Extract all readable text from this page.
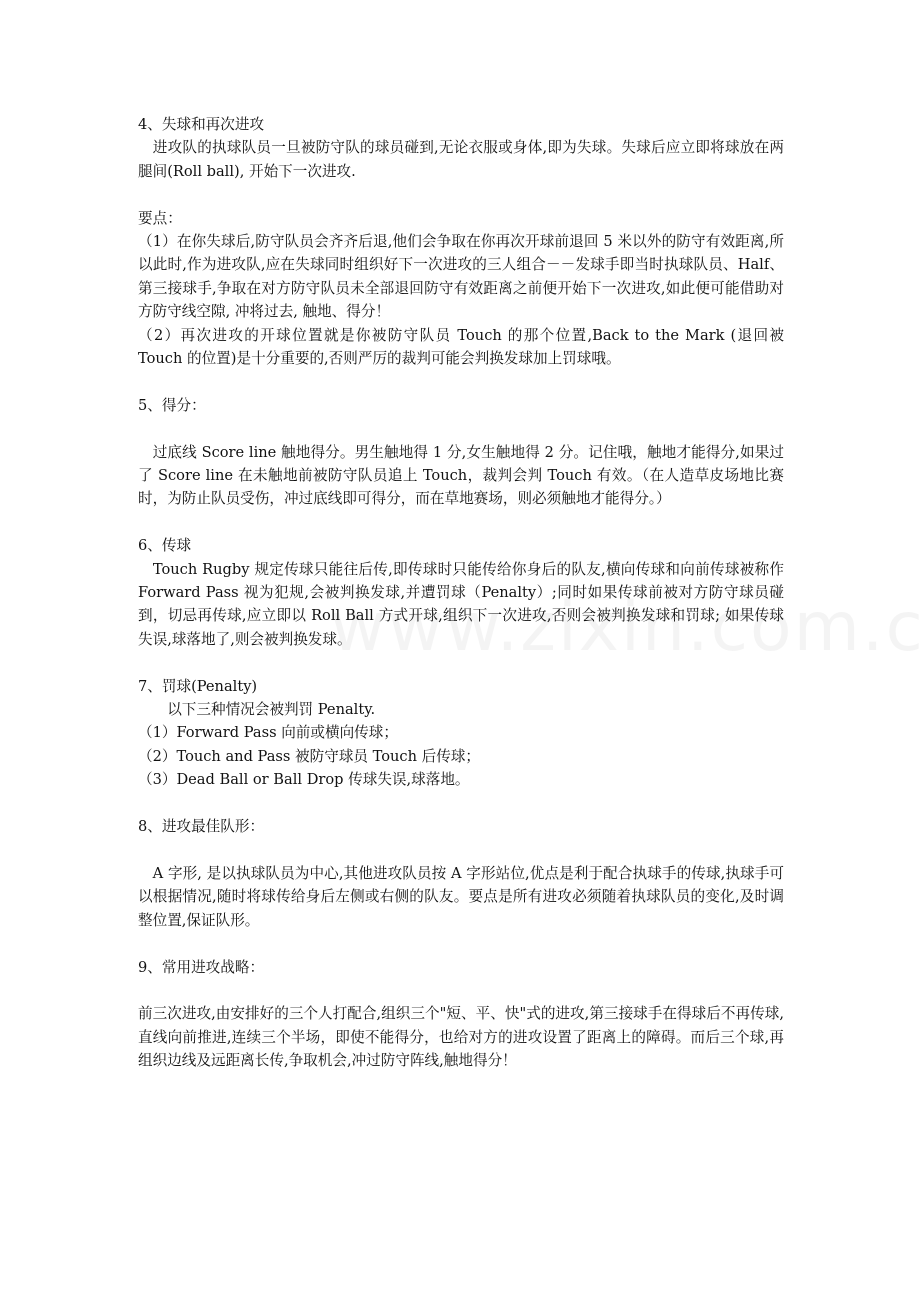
4、失球和再次进攻
　进攻队的执球队员一旦被防守队的球员碰到,无论衣服或身体,即为失球。失球后应立即将球放在两腿间(Roll ball), 开始下一次进攻.
要点：
（1）在你失球后,防守队员会齐齐后退,他们会争取在你再次开球前退回 5 米以外的防守有效距离,所以此时,作为进攻队,应在失球同时组织好下一次进攻的三人组合－－发球手即当时执球队员、Half、第三接球手,争取在对方防守队员未全部退回防守有效距离之前便开始下一次进攻,如此便可能借助对方防守线空隙, 冲将过去, 触地、得分！
（2）再次进攻的开球位置就是你被防守队员 Touch 的那个位置,Back to the Mark (退回被 Touch 的位置)是十分重要的,否则严厉的裁判可能会判换发球加上罚球哦。
5、得分：
　过底线 Score line 触地得分。男生触地得 1 分,女生触地得 2 分。记住哦，触地才能得分,如果过了 Score line 在未触地前被防守队员追上 Touch，裁判会判 Touch 有效。（在人造草皮场地比赛时，为防止队员受伤，冲过底线即可得分，而在草地赛场，则必须触地才能得分。）
6、传球
　Touch Rugby 规定传球只能往后传,即传球时只能传给你身后的队友,横向传球和向前传球被称作 Forward Pass 视为犯规,会被判换发球,并遭罚球（Penalty）;同时如果传球前被对方防守球员碰到，切忌再传球,应立即以 Roll Ball 方式开球,组织下一次进攻,否则会被判换发球和罚球; 如果传球失误,球落地了,则会被判换发球。
7、罚球(Penalty)
　　以下三种情况会被判罚 Penalty.
（1）Forward Pass 向前或横向传球；
（2）Touch and Pass 被防守球员 Touch 后传球；
（3）Dead Ball or Ball Drop 传球失误,球落地。
8、进攻最佳队形：
　A 字形, 是以执球队员为中心,其他进攻队员按 A 字形站位,优点是利于配合执球手的传球,执球手可以根据情况,随时将球传给身后左侧或右侧的队友。要点是所有进攻必须随着执球队员的变化,及时调整位置,保证队形。
9、常用进攻战略：
前三次进攻,由安排好的三个人打配合,组织三个"短、平、快"式的进攻,第三接球手在得球后不再传球,直线向前推进,连续三个半场，即使不能得分，也给对方的进攻设置了距离上的障碍。而后三个球,再组织边线及远距离长传,争取机会,冲过防守阵线,触地得分！
